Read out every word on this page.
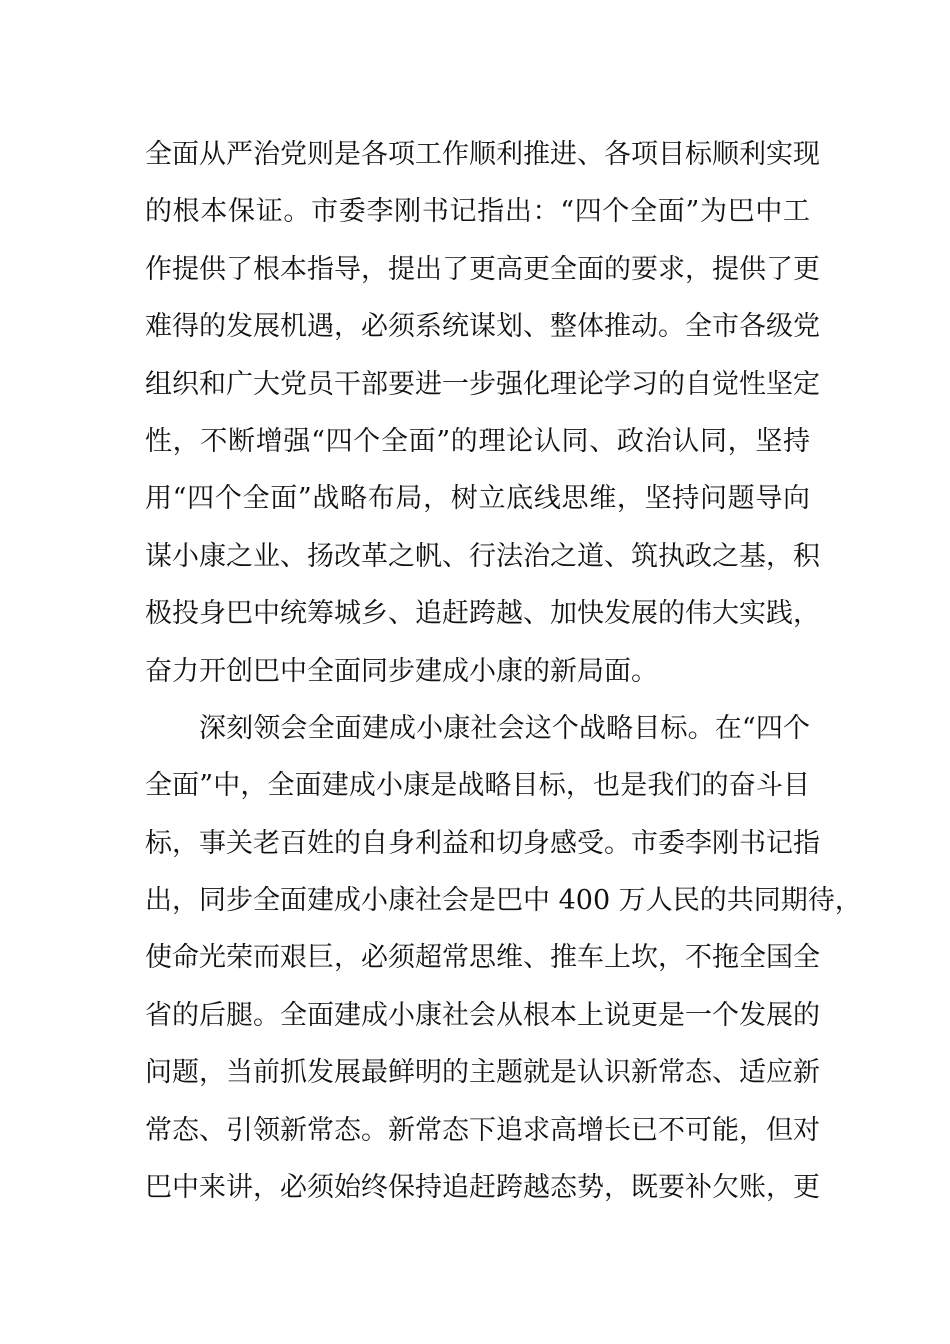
全面从严治党则是各项工作顺利推进、各项目标顺利实现
的根本保证。市委李刚书记指出：“四个全面”为巴中工
作提供了根本指导，提出了更高更全面的要求，提供了更
难得的发展机遇，必须系统谋划、整体推动。全市各级党
组织和广大党员干部要进一步强化理论学习的自觉性坚定
性，不断增强“四个全面”的理论认同、政治认同，坚持
用“四个全面”战略布局，树立底线思维，坚持问题导向
谋小康之业、扬改革之帆、行法治之道、筑执政之基，积
极投身巴中统筹城乡、追赶跨越、加快发展的伟大实践，
奋力开创巴中全面同步建成小康的新局面。
深刻领会全面建成小康社会这个战略目标。在“四个
全面”中，全面建成小康是战略目标，也是我们的奋斗目
标，事关老百姓的自身利益和切身感受。市委李刚书记指
出，同步全面建成小康社会是巴中 400 万人民的共同期待，
使命光荣而艰巨，必须超常思维、推车上坎，不拖全国全
省的后腿。全面建成小康社会从根本上说更是一个发展的
问题，当前抓发展最鲜明的主题就是认识新常态、适应新
常态、引领新常态。新常态下追求高增长已不可能，但对
巴中来讲，必须始终保持追赶跨越态势，既要补欠账，更
